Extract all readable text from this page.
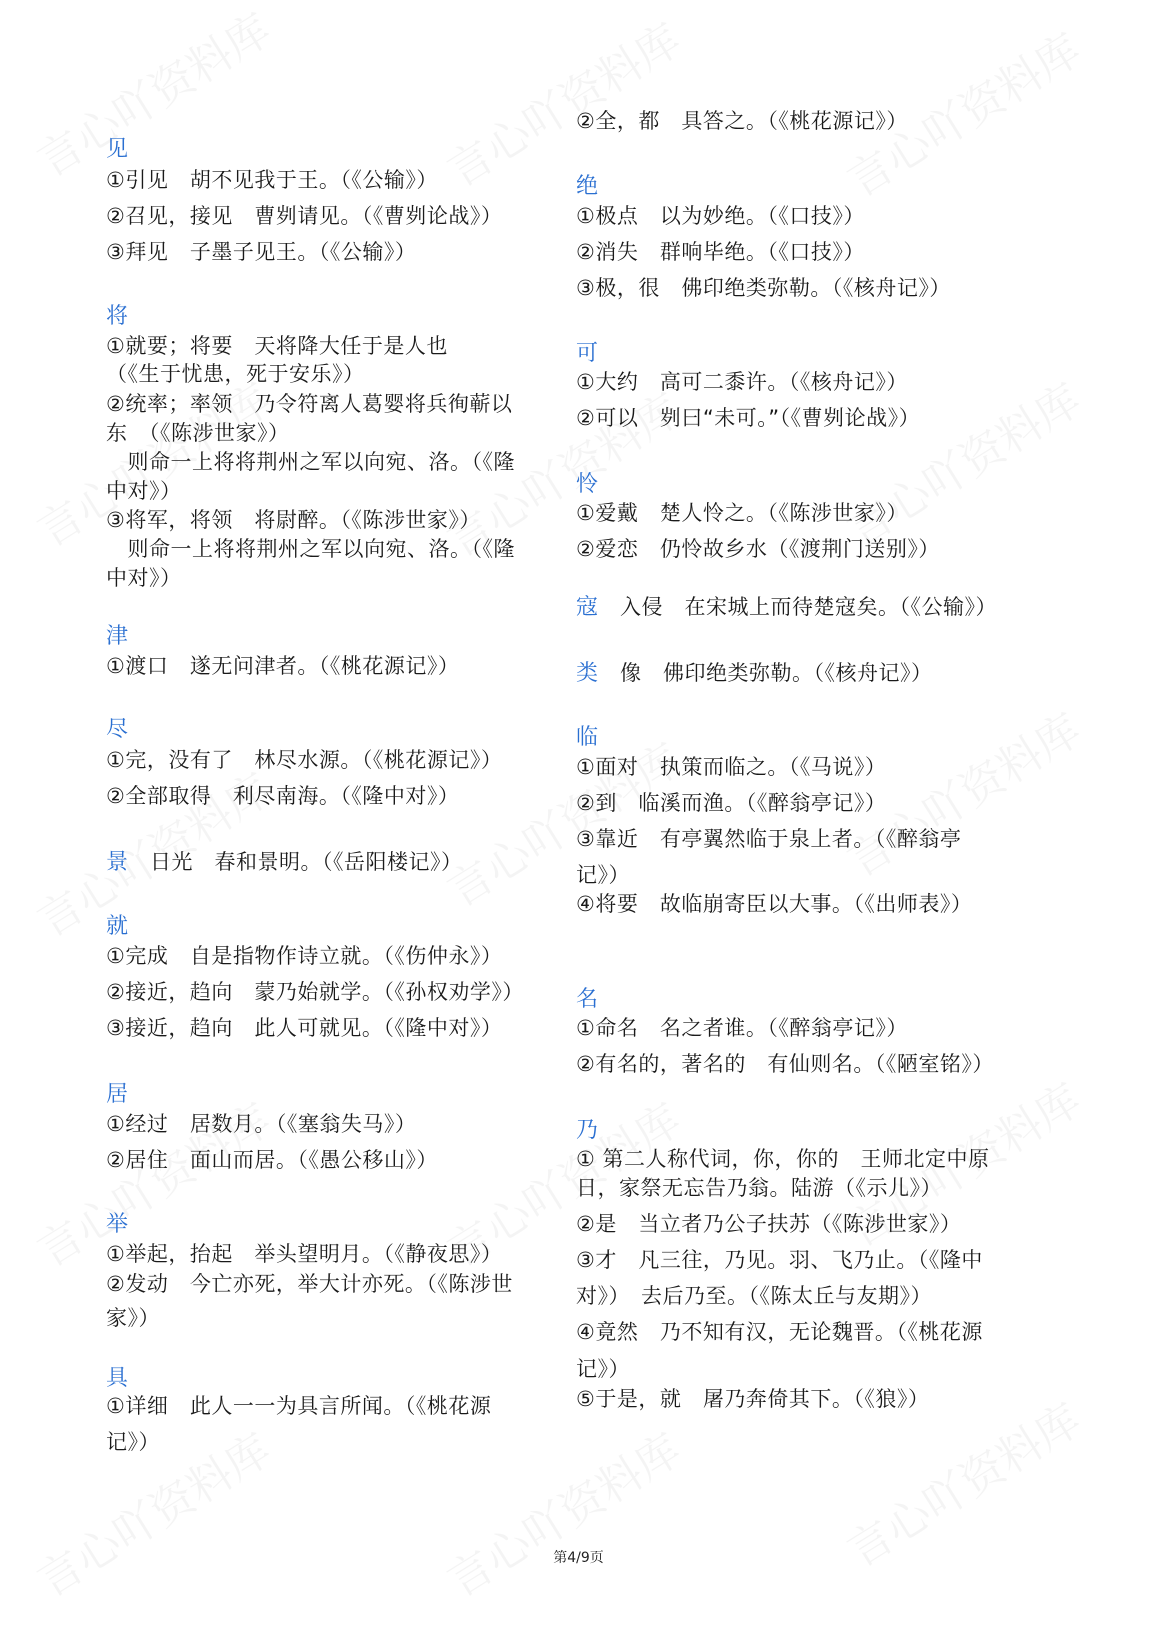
见
①引见　胡不见我于王。（《公输》）
②召见，接见　曹刿请见。（《曹刿论战》）
③拜见　子墨子见王。（《公输》）
将
①就要；将要　天将降大任于是人也
（《生于忧患，死于安乐》）
②统率；率领　乃令符离人葛婴将兵徇蕲以
东　（《陈涉世家》）
　则命一上将将荆州之军以向宛、洛。（《隆
中对》）
③将军，将领　将尉醉。（《陈涉世家》）
　则命一上将将荆州之军以向宛、洛。（《隆
中对》）
津
①渡口　遂无问津者。（《桃花源记》）
尽
①完，没有了　林尽水源。（《桃花源记》）
②全部取得　利尽南海。（《隆中对》）
景　日光　春和景明。（《岳阳楼记》）
就
①完成　自是指物作诗立就。（《伤仲永》）
②接近，趋向　蒙乃始就学。（《孙权劝学》）
③接近，趋向　此人可就见。（《隆中对》）
居
①经过　居数月。（《塞翁失马》）
②居住　面山而居。（《愚公移山》）
举
①举起，抬起　举头望明月。（《静夜思》）
②发动　今亡亦死，举大计亦死。（《陈涉世
家》）
具
①详细　此人一一为具言所闻。（《桃花源
记》）
②全，都　具答之。（《桃花源记》）
绝
①极点　以为妙绝。（《口技》）
②消失　群响毕绝。（《口技》）
③极，很　佛印绝类弥勒。（《核舟记》）
可
①大约　高可二黍许。（《核舟记》）
②可以　刿曰“未可。”（《曹刿论战》）
怜
①爱戴　楚人怜之。（《陈涉世家》）
②爱恋　仍怜故乡水（《渡荆门送别》）
寇　入侵　在宋城上而待楚寇矣。（《公输》）
类　像　佛印绝类弥勒。（《核舟记》）
临
①面对　执策而临之。（《马说》）
②到　临溪而渔。（《醉翁亭记》）
③靠近　有亭翼然临于泉上者。（《醉翁亭
记》）
④将要　故临崩寄臣以大事。（《出师表》）
名
①命名　名之者谁。（《醉翁亭记》）
②有名的，著名的　有仙则名。（《陋室铭》）
乃
① 第二人称代词，你，你的　王师北定中原
日，家祭无忘告乃翁。陆游（《示儿》）
②是　当立者乃公子扶苏（《陈涉世家》）
③才　凡三往，乃见。羽、飞乃止。（《隆中
对》）　去后乃至。（《陈太丘与友期》）
④竟然　乃不知有汉，无论魏晋。（《桃花源
记》）
⑤于是，就　屠乃奔倚其下。（《狼》）
第4/9页
